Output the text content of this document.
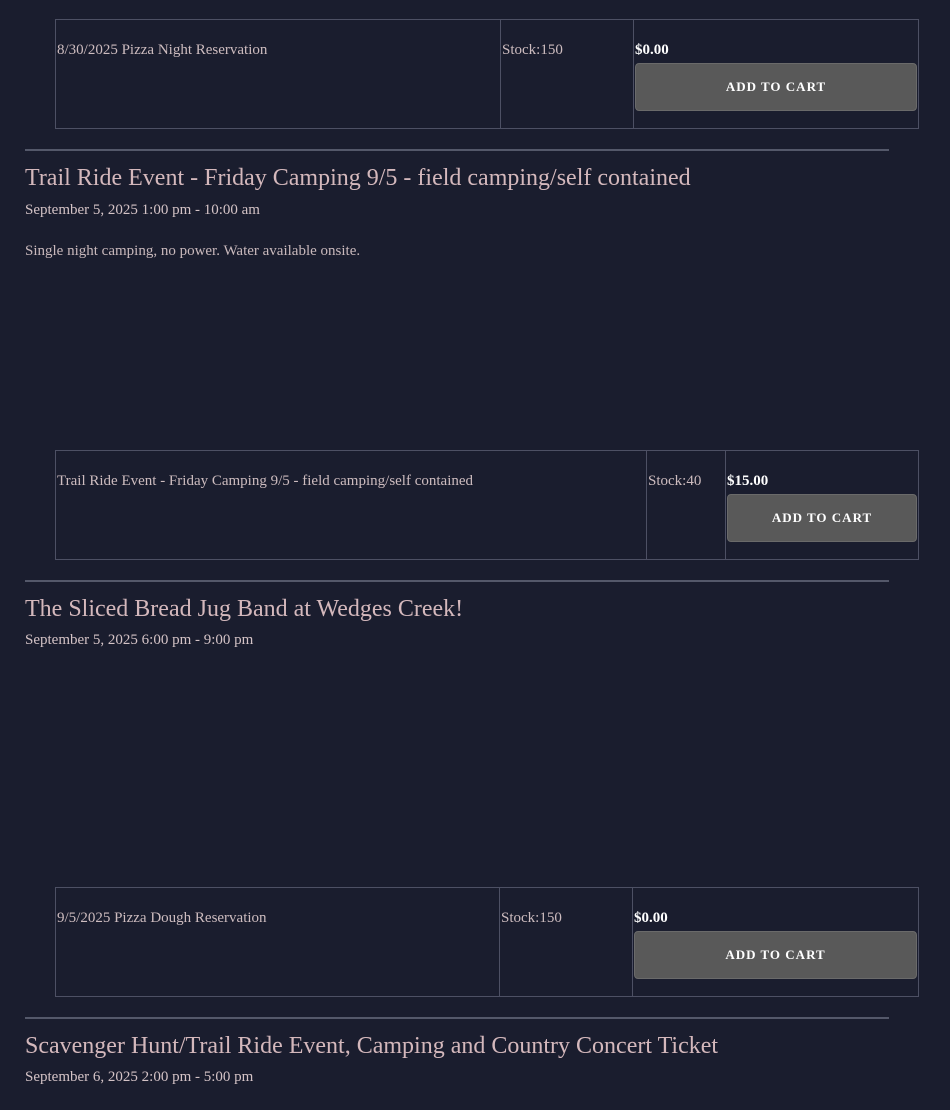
8/30/2025 Pizza Night Reservation	Stock:150	$0.00
ADD TO CART
Trail Ride Event - Friday Camping 9/5 - field camping/self contained
September 5, 2025 1:00 pm - 10:00 am
Single night camping, no power. Water available onsite.
Trail Ride Event - Friday Camping 9/5 - field camping/self contained	Stock:40	$15.00
ADD TO CART
The Sliced Bread Jug Band at Wedges Creek!
September 5, 2025 6:00 pm - 9:00 pm
9/5/2025 Pizza Dough Reservation	Stock:150	$0.00
ADD TO CART
Scavenger Hunt/Trail Ride Event, Camping and Country Concert Ticket
September 6, 2025 2:00 pm - 5:00 pm
